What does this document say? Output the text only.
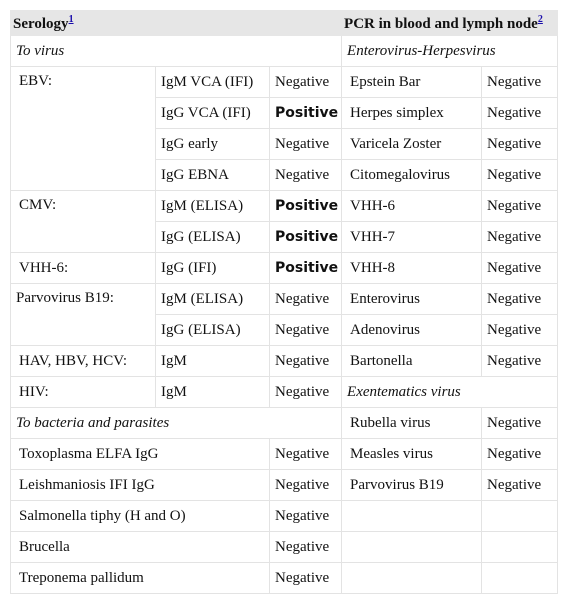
Serology$^1$			PCR in blood and lymph node$^2$
To virus			Enterovirus-Herpesvirus	
EBV:	IgM VCA (IFI)	Negative	Epstein Bar	Negative
	IgG VCA (IFI)	Positive	Herpes simplex	Negative
	IgG early	Negative	Varicela Zoster	Negative
	IgG EBNA	Negative	Citomegalovirus	Negative
CMV:	IgM (ELISA)	Positive	VHH-6	Negative
	IgG (ELISA)	Positive	VHH-7	Negative
VHH-6:	IgG (IFI)	Positive	VHH-8	Negative
Parvovirus B19:	IgM (ELISA)	Negative	Enterovirus	Negative
	IgG (ELISA)	Negative	Adenovirus	Negative
HAV, HBV, HCV:	IgM	Negative	Bartonella	Negative
HIV:	IgM	Negative	Exentematics virus	
To bacteria and parasites			Rubella virus	Negative
Toxoplasma ELFA IgG		Negative	Measles virus	Negative
Leishmaniosis IFI IgG		Negative	Parvovirus B19	Negative
Salmonella tiphy (H and O)		Negative		
Brucella		Negative		
Treponema pallidum		Negative		
